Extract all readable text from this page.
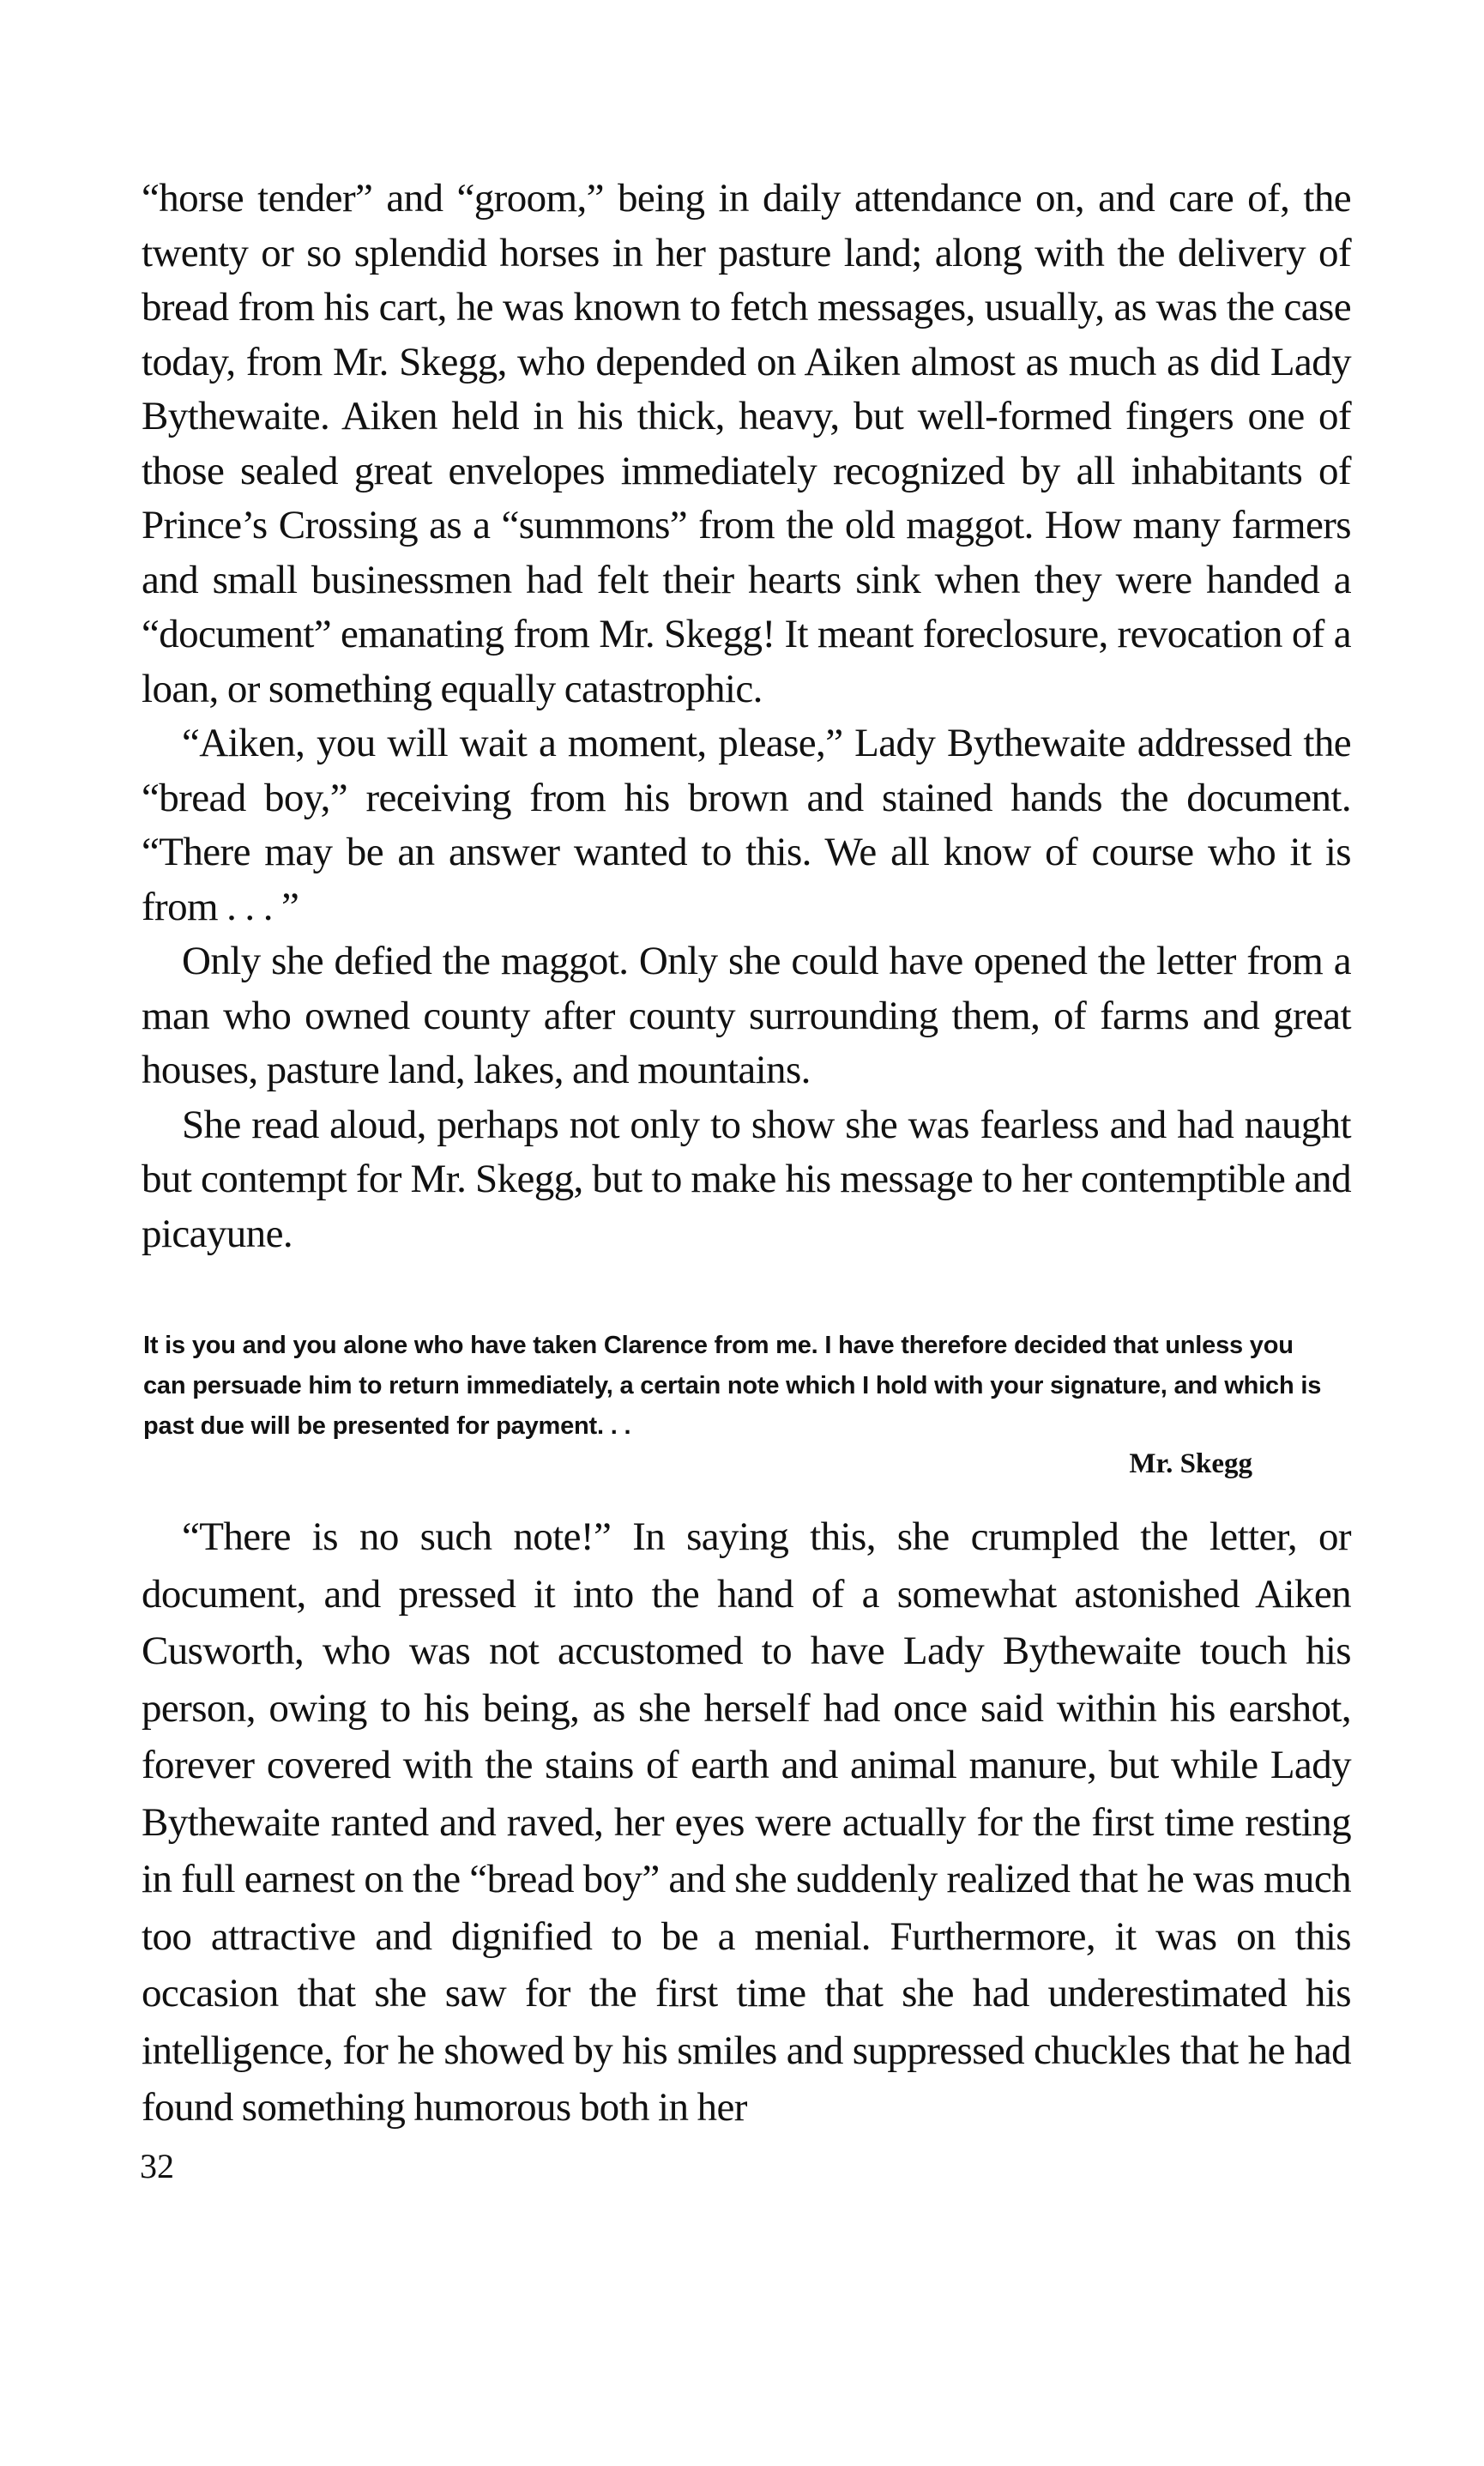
“horse tender” and “groom,” being in daily attendance on, and care of, the twenty or so splendid horses in her pasture land; along with the delivery of bread from his cart, he was known to fetch messages, usually, as was the case today, from Mr. Skegg, who depended on Aiken almost as much as did Lady Bythewaite. Aiken held in his thick, heavy, but well-formed fingers one of those sealed great envelopes immediately recognized by all inhabitants of Prince’s Crossing as a “summons” from the old maggot. How many farmers and small businessmen had felt their hearts sink when they were handed a “document” emanating from Mr. Skegg! It meant foreclosure, revocation of a loan, or something equally catastrophic.

“Aiken, you will wait a moment, please,” Lady Bythewaite addressed the “bread boy,” receiving from his brown and stained hands the document. “There may be an answer wanted to this. We all know of course who it is from . . . ”

Only she defied the maggot. Only she could have opened the letter from a man who owned county after county surrounding them, of farms and great houses, pasture land, lakes, and mountains.

She read aloud, perhaps not only to show she was fearless and had naught but contempt for Mr. Skegg, but to make his message to her contemptible and picayune.

It is you and you alone who have taken Clarence from me. I have therefore decided that unless you can persuade him to return immediately, a certain note which I hold with your signature, and which is past due will be presented for payment. . .

Mr. Skegg

“There is no such note!” In saying this, she crumpled the letter, or document, and pressed it into the hand of a somewhat astonished Aiken Cusworth, who was not accustomed to have Lady Bythewaite touch his person, owing to his being, as she herself had once said within his earshot, forever covered with the stains of earth and animal manure, but while Lady Bythewaite ranted and raved, her eyes were actually for the first time resting in full earnest on the “bread boy” and she suddenly realized that he was much too attractive and dignified to be a menial. Furthermore, it was on this occasion that she saw for the first time that she had underestimated his intelligence, for he showed by his smiles and suppressed chuckles that he had found something humorous both in her

32
